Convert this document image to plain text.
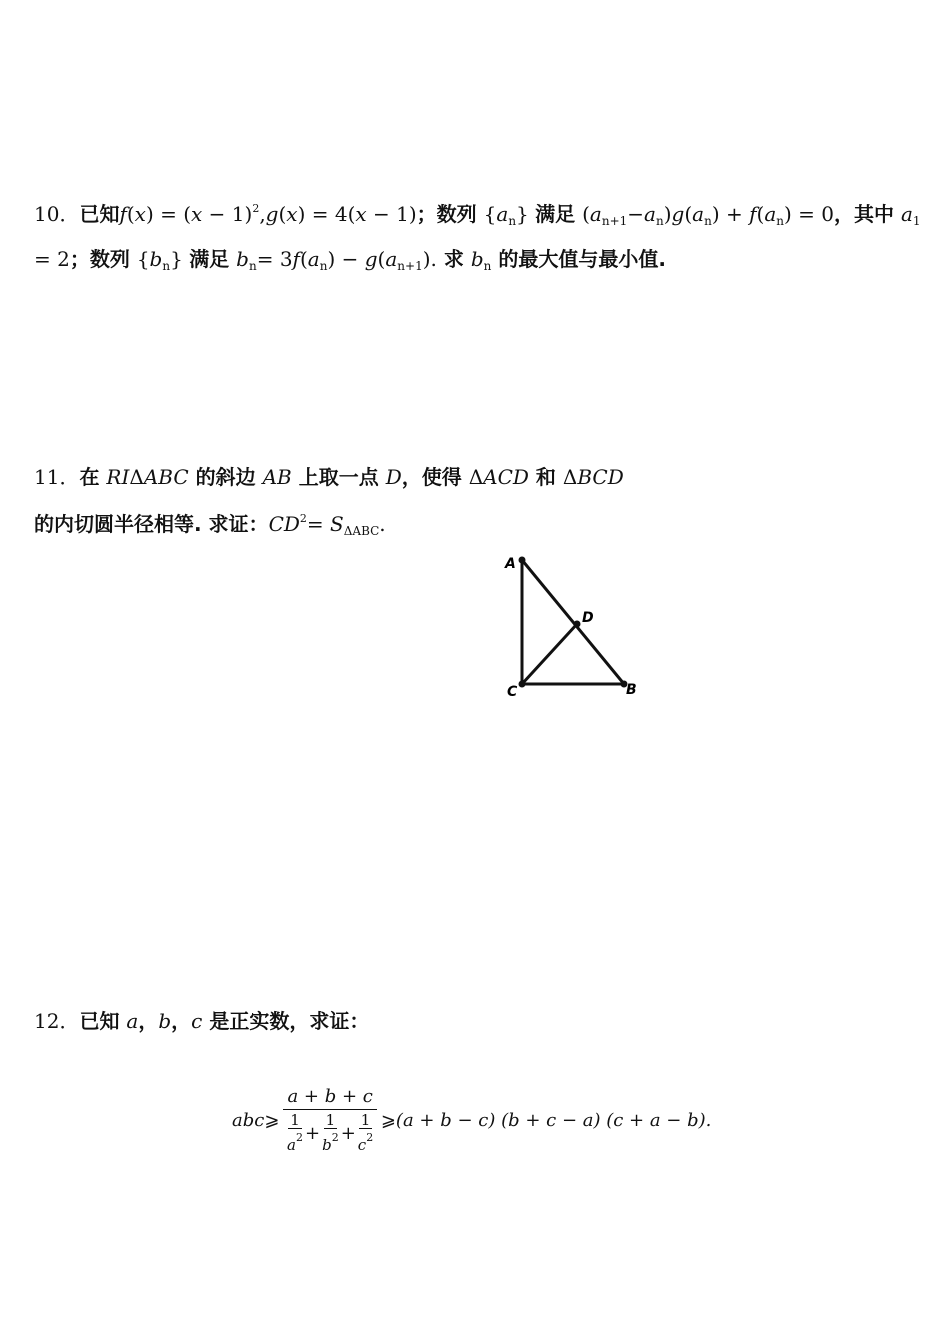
10．已知$f(x) = (x - 1)^2,g(x) = 4(x - 1)$；数列 $\{a_n\}$ 满足 $(a_{n+1}-a_n)g(a_n) + f(a_n) = 0$，其中 $a_1$
= 2；数列 $\{b_n\}$ 满足 $b_n= 3f(a_n) - g(a_{n+1})$. 求 $b_n$ 的最大值与最小值.
11．在 RIΔABC 的斜边 AB 上取一点 D，使得 ΔACD 和 ΔBCD
的内切圆半径相等. 求证：$CD^2= S_{\Delta ABC}$.
A
D
C	B
12．已知 a，b，c 是正实数，求证：
abc ⩾ a + b + c
1
$a^2 + \frac{1}{b^2} + \frac{1}{c^2}$ ⩾ (a + b − c) (b + c − a) (c + a − b).
